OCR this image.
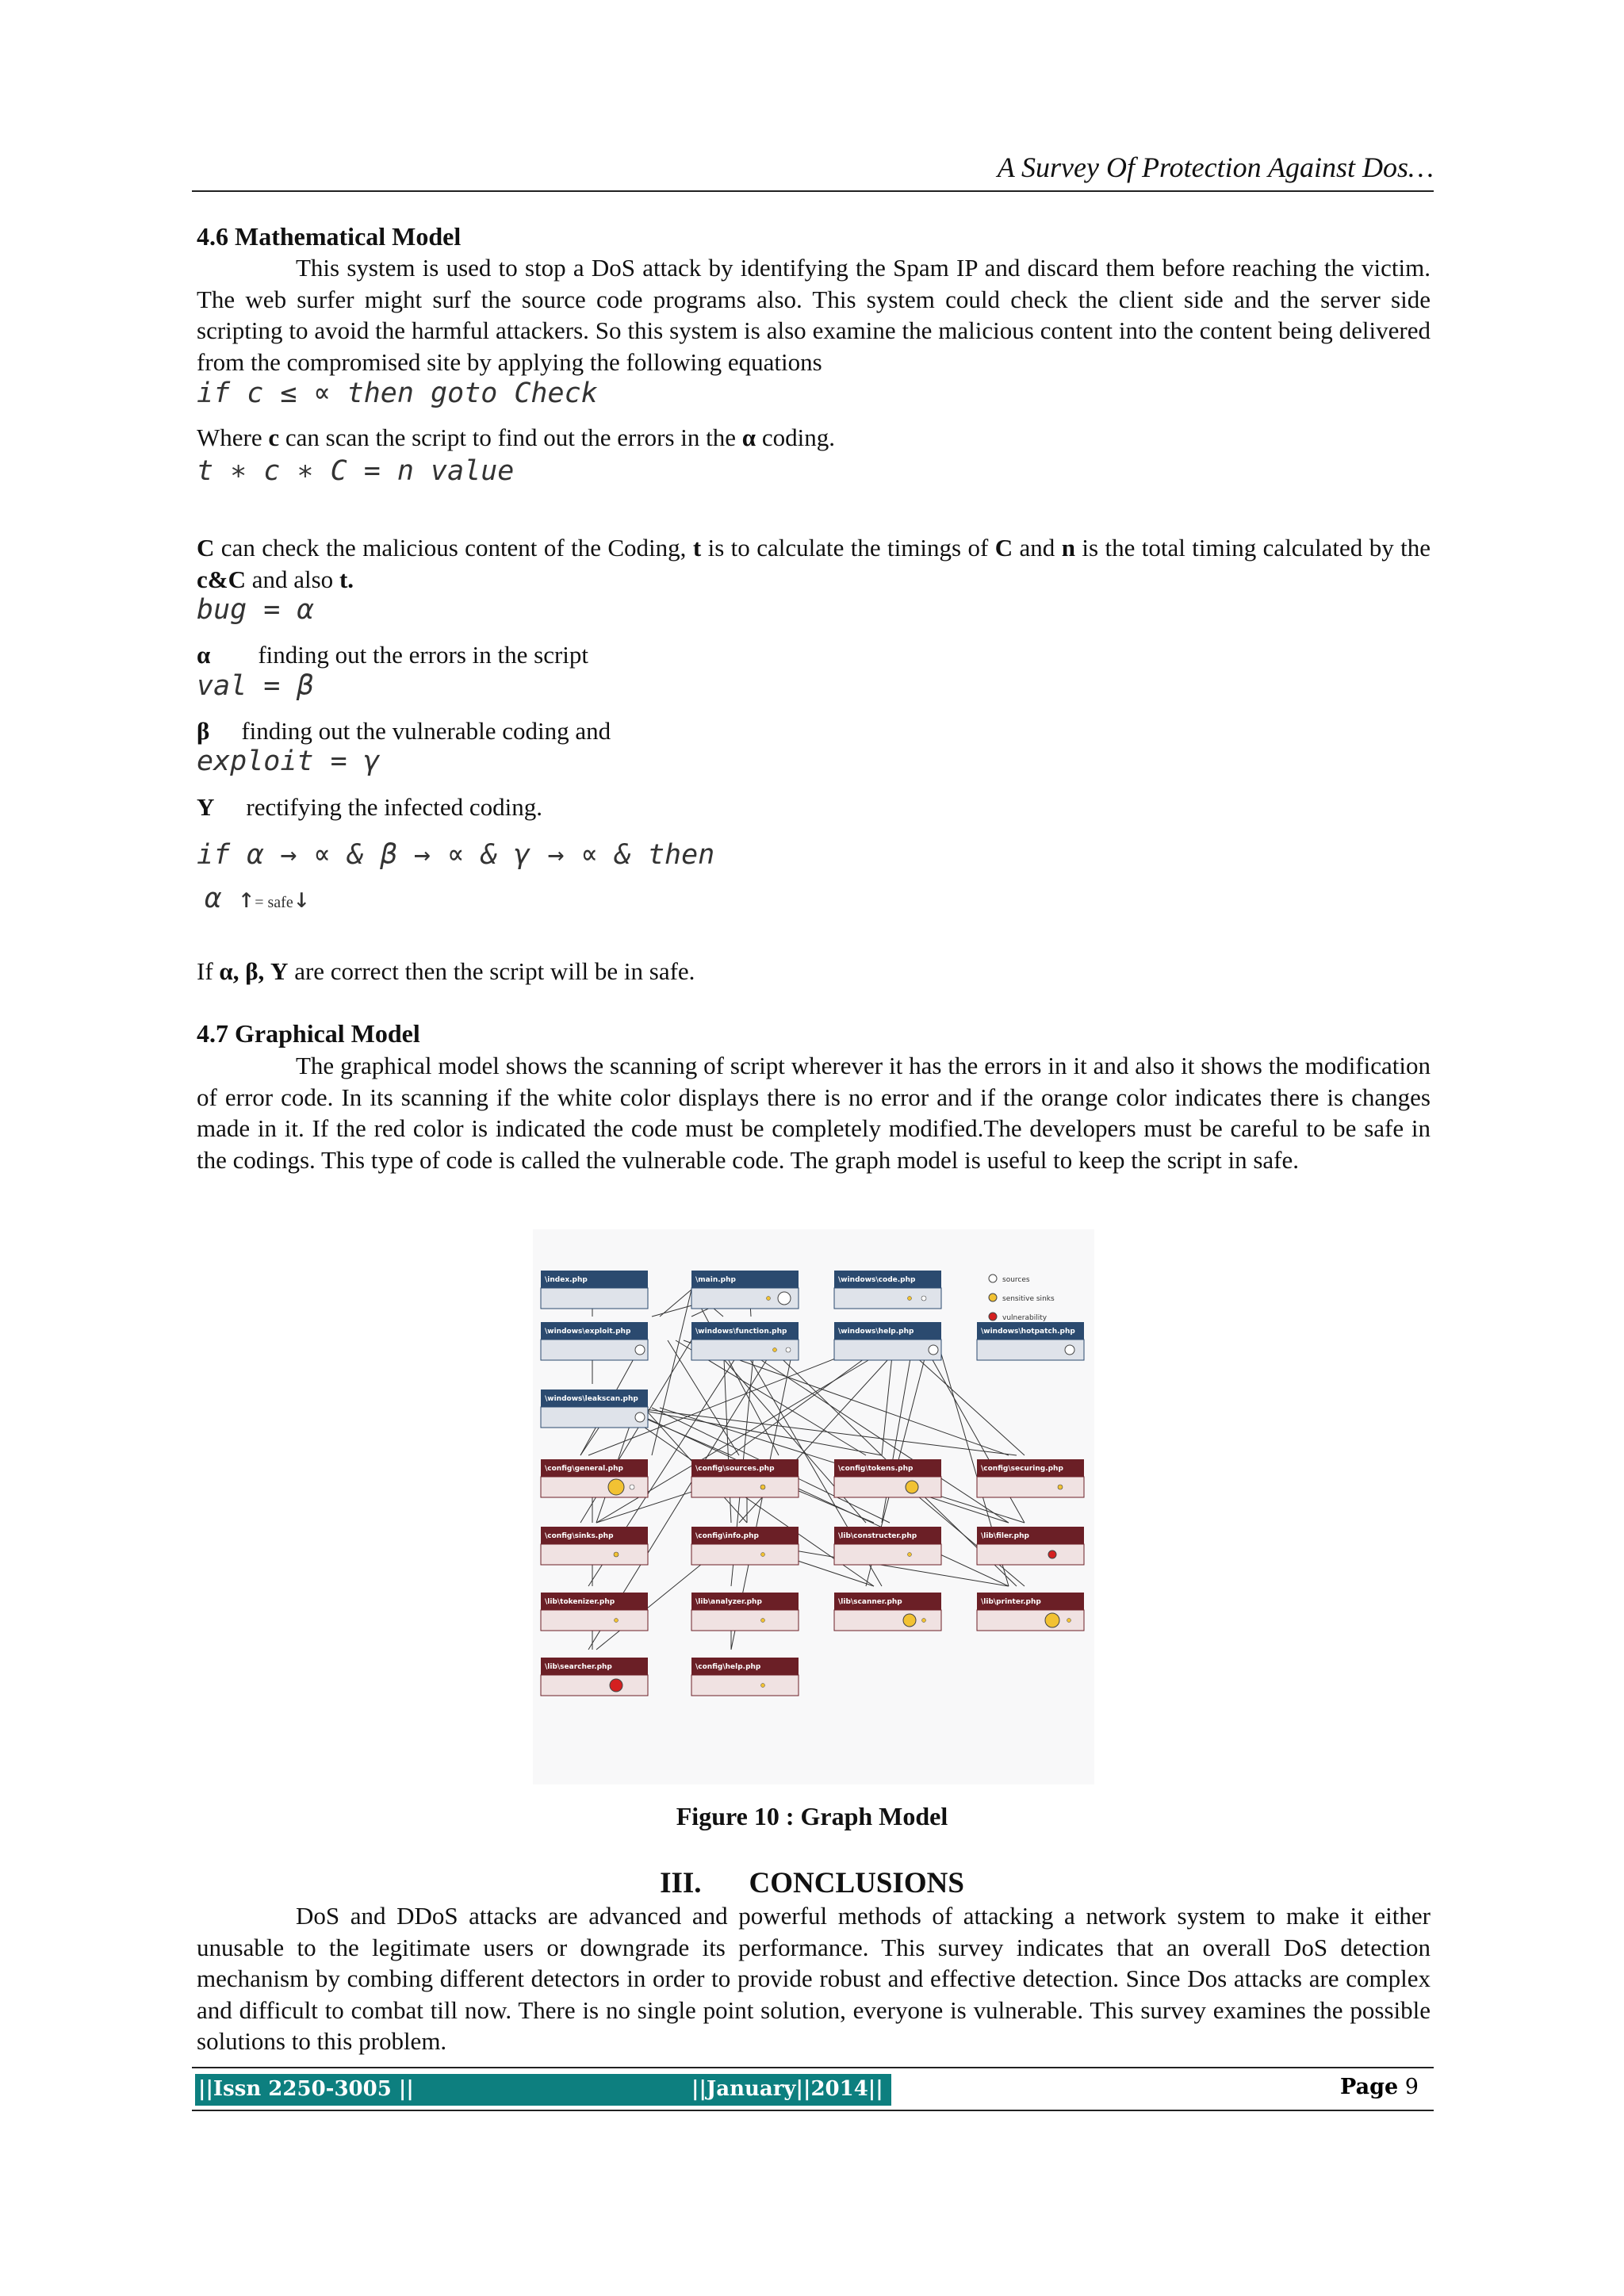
A Survey Of Protection Against Dos…
4.6 Mathematical Model
This system is used to stop a DoS attack by identifying the Spam IP and discard them before reaching the victim. The web surfer might surf the source code programs also. This system could check the client side and the server side scripting to avoid the harmful attackers. So this system is also examine the malicious content into the content being delivered from the compromised site by applying the following equations
if c ≤ ∝ then goto Check
Where c can scan the script to find out the errors in the α coding.
t ∗ c ∗ C = n value
C can check the malicious content of the Coding, t is to calculate the timings of C and n is the total timing calculated by the c&C and also t.
bug = α
α finding out the errors in the script
val = β
β finding out the vulnerable coding and
exploit = γ
Y rectifying the infected coding.
if α → ∝ & β → ∝ & γ → ∝ & then
α ↑= safe↓
If α, β, Y are correct then the script will be in safe.
4.7 Graphical Model
The graphical model shows the scanning of script wherever it has the errors in it and also it shows the modification of error code. In its scanning if the white color displays there is no error and if the orange color indicates there is changes made in it. If the red color is indicated the code must be completely modified.The developers must be careful to be safe in the codings. This type of code is called the vulnerable code. The graph model is useful to keep the script in safe.
\index.php	\main.php	\windows\code.php	sources
sensitive sinks
vulnerability
\windows\exploit.php	\windows\function.php	\windows\help.php	\windows\hotpatch.php
\windows\leakscan.php
\config\general.php	\config\sources.php	\config\tokens.php	\config\securing.php
\config\sinks.php	\config\info.php	\lib\constructer.php	\lib\filer.php
\lib\tokenizer.php	\lib\analyzer.php	\lib\scanner.php	\lib\printer.php
\lib\searcher.php	\config\help.php
Figure 10 : Graph Model
III. CONCLUSIONS
DoS and DDoS attacks are advanced and powerful methods of attacking a network system to make it either unusable to the legitimate users or downgrade its performance. This survey indicates that an overall DoS detection mechanism by combing different detectors in order to provide robust and effective detection. Since Dos attacks are complex and difficult to combat till now. There is no single point solution, everyone is vulnerable. This survey examines the possible solutions to this problem.
||Issn 2250-3005 ||	||January||2014||	Page 9
